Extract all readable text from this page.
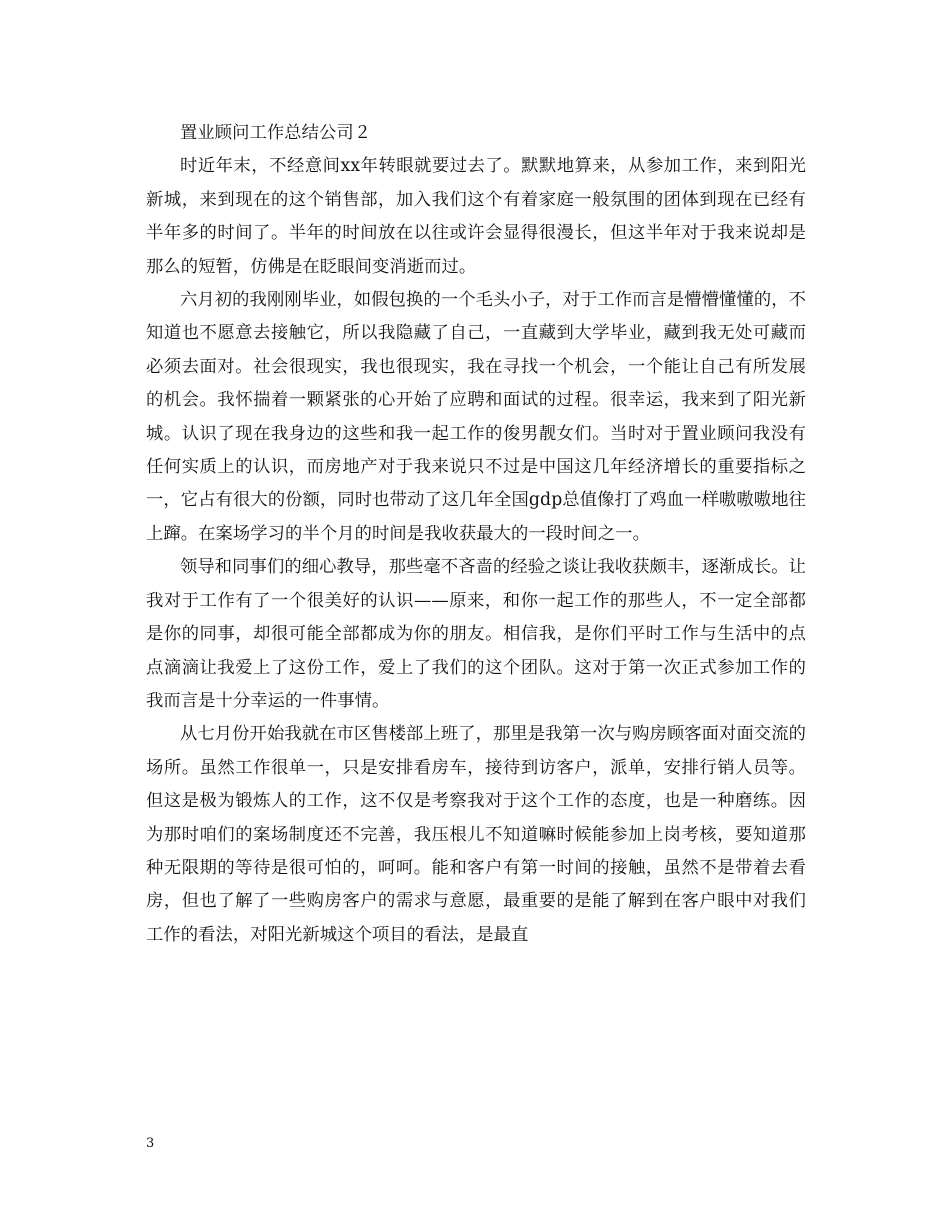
置业顾问工作总结公司２

时近年末，不经意间xx年转眼就要过去了。默默地算来，从参加工作，来到阳光新城，来到现在的这个销售部，加入我们这个有着家庭一般氛围的团体到现在已经有半年多的时间了。半年的时间放在以往或许会显得很漫长，但这半年对于我来说却是那么的短暂，仿佛是在眨眼间变消逝而过。

六月初的我刚刚毕业，如假包换的一个毛头小子，对于工作而言是懵懵懂懂的，不知道也不愿意去接触它，所以我隐藏了自己，一直藏到大学毕业，藏到我无处可藏而必须去面对。社会很现实，我也很现实，我在寻找一个机会，一个能让自己有所发展的机会。我怀揣着一颗紧张的心开始了应聘和面试的过程。很幸运，我来到了阳光新城。认识了现在我身边的这些和我一起工作的俊男靓女们。当时对于置业顾问我没有任何实质上的认识，而房地产对于我来说只不过是中国这几年经济增长的重要指标之一，它占有很大的份额，同时也带动了这几年全国gdp总值像打了鸡血一样嗷嗷嗷地往上蹿。在案场学习的半个月的时间是我收获最大的一段时间之一。

领导和同事们的细心教导，那些毫不吝啬的经验之谈让我收获颇丰，逐渐成长。让我对于工作有了一个很美好的认识——原来，和你一起工作的那些人，不一定全部都是你的同事，却很可能全部都成为你的朋友。相信我，是你们平时工作与生活中的点点滴滴让我爱上了这份工作，爱上了我们的这个团队。这对于第一次正式参加工作的我而言是十分幸运的一件事情。

从七月份开始我就在市区售楼部上班了，那里是我第一次与购房顾客面对面交流的场所。虽然工作很单一，只是安排看房车，接待到访客户，派单，安排行销人员等。但这是极为锻炼人的工作，这不仅是考察我对于这个工作的态度，也是一种磨练。因为那时咱们的案场制度还不完善，我压根儿不知道嘛时候能参加上岗考核，要知道那种无限期的等待是很可怕的，呵呵。能和客户有第一时间的接触，虽然不是带着去看房，但也了解了一些购房客户的需求与意愿，最重要的是能了解到在客户眼中对我们工作的看法，对阳光新城这个项目的看法，是最直

3
